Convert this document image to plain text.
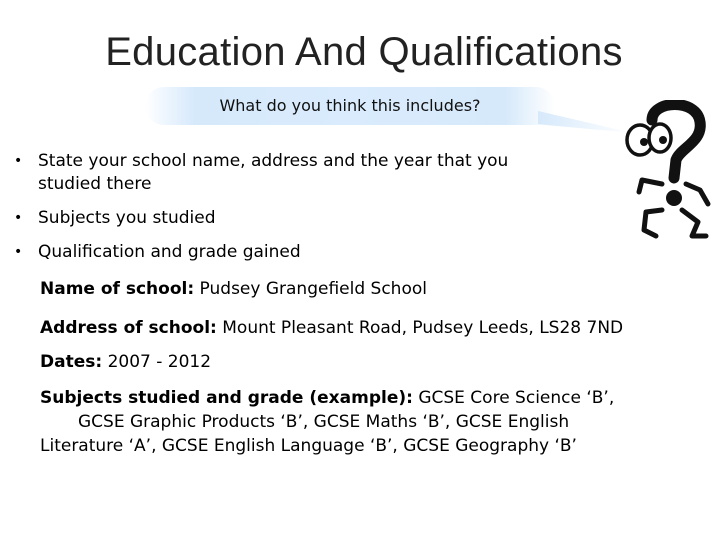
Education And Qualifications
What do you think this includes?
• State your school name, address and the year that you
studied there
• Subjects you studied
• Qualification and grade gained
Name of school: Pudsey Grangefield School
Address of school: Mount Pleasant Road, Pudsey Leeds, LS28 7ND
Dates: 2007 - 2012
Subjects studied and grade (example): GCSE Core Science ‘B’,
GCSE Graphic Products ‘B’, GCSE Maths ‘B’, GCSE English
Literature ‘A’, GCSE English Language ‘B’, GCSE Geography ‘B’
